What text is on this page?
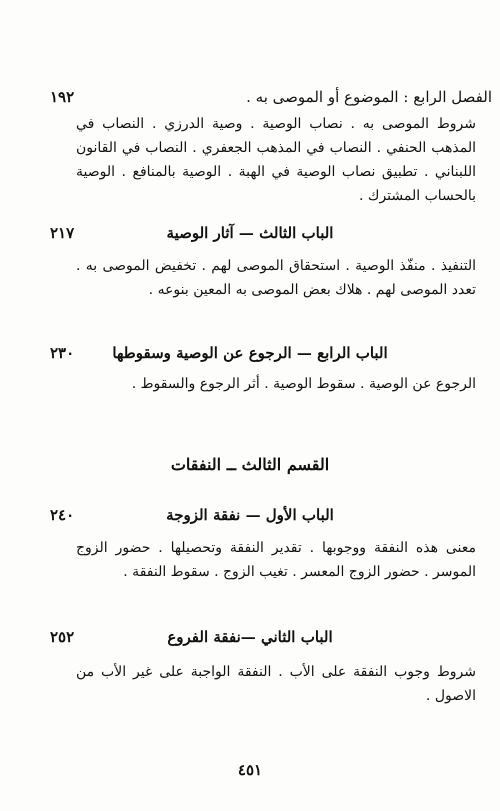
الفصل الرابع : الموضوع أو الموصى به .
١٩٢
شروط الموصى به . نصاب الوصية . وصية الدرزي . النصاب في المذهب الحنفي . النصاب في المذهب الجعفري . النصاب في القانون اللبناني . تطبيق نصاب الوصية في الهبة . الوصية بالمنافع . الوصية بالحساب المشترك .
الباب الثالث — آثار الوصية
٢١٧
التنفيذ . منفّذ الوصية . استحقاق الموصى لهم . تخفيض الموصى به . تعدد الموصى لهم . هلاك بعض الموصى به المعين بنوعه .
الباب الرابع — الرجوع عن الوصية وسقوطها
٢٣٠
الرجوع عن الوصية . سقوط الوصية . أثر الرجوع والسقوط .
القسم الثالث ــ النفقات
الباب الأول — نفقة الزوجة
٢٤٠
معنى هذه النفقة ووجوبها . تقدير النفقة وتحصيلها . حضور الزوج الموسر . حضور الزوج المعسر . تغيب الزوج . سقوط النفقة .
الباب الثاني —نفقة الفروع
٢٥٢
شروط وجوب النفقة على الأب . النفقة الواجبة على غير الأب من الاصول .
٤٥١
